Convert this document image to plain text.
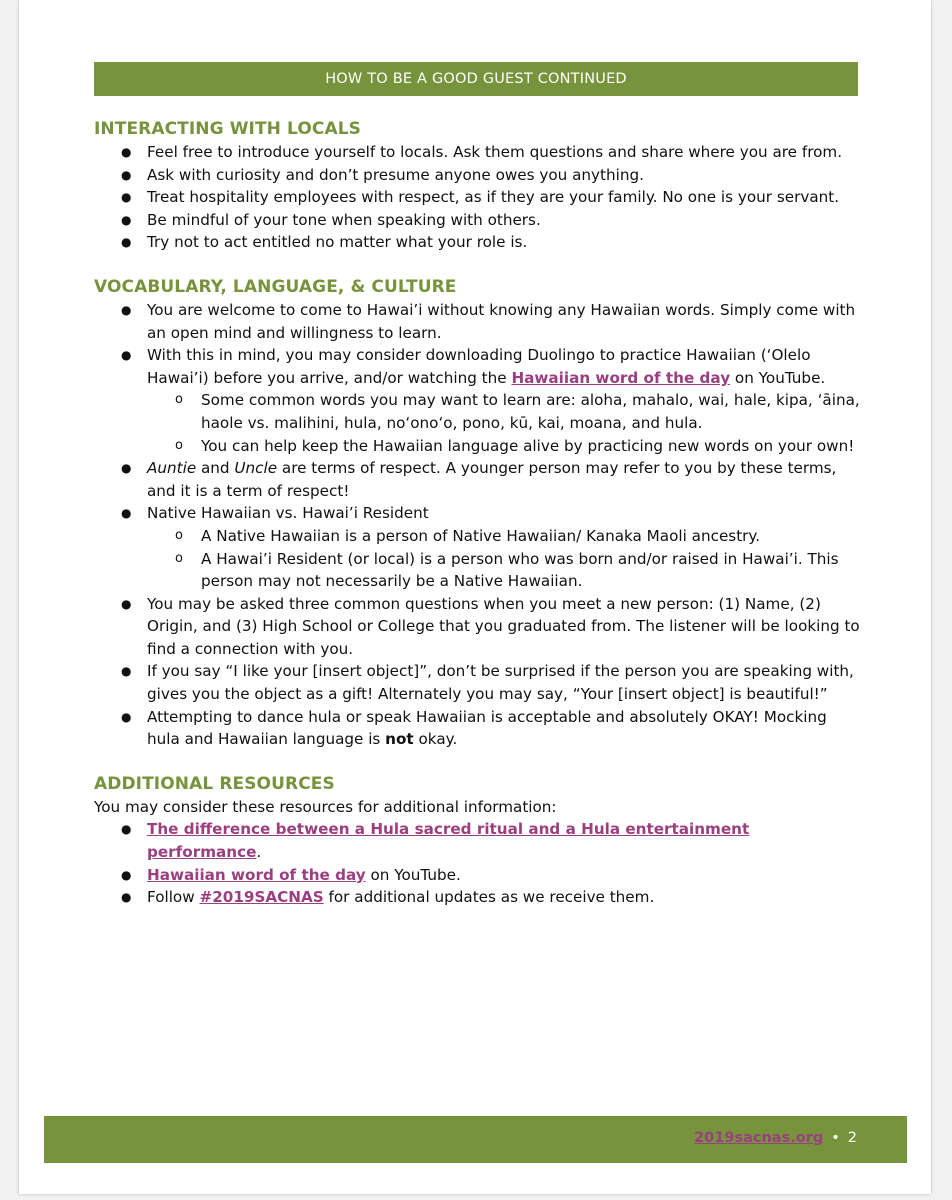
HOW TO BE A GOOD GUEST CONTINUED
INTERACTING WITH LOCALS
● Feel free to introduce yourself to locals. Ask them questions and share where you are from.
● Ask with curiosity and don’t presume anyone owes you anything.
● Treat hospitality employees with respect, as if they are your family. No one is your servant.
● Be mindful of your tone when speaking with others.
● Try not to act entitled no matter what your role is.
VOCABULARY, LANGUAGE, & CULTURE
● You are welcome to come to Hawai’i without knowing any Hawaiian words. Simply come with an open mind and willingness to learn.
● With this in mind, you may consider downloading Duolingo to practice Hawaiian (‘Olelo Hawai’i) before you arrive, and/or watching the Hawaiian word of the day on YouTube.
o Some common words you may want to learn are: aloha, mahalo, wai, hale, kipa, ‘āina, haole vs. malihini, hula, noʻonoʻo, pono, kū, kai, moana, and hula.
o You can help keep the Hawaiian language alive by practicing new words on your own!
● Auntie and Uncle are terms of respect. A younger person may refer to you by these terms, and it is a term of respect!
● Native Hawaiian vs. Hawai’i Resident
o A Native Hawaiian is a person of Native Hawaiian/ Kanaka Maoli ancestry.
o A Hawai’i Resident (or local) is a person who was born and/or raised in Hawai’i. This person may not necessarily be a Native Hawaiian.
● You may be asked three common questions when you meet a new person: (1) Name, (2) Origin, and (3) High School or College that you graduated from. The listener will be looking to find a connection with you.
● If you say “I like your [insert object]”, don’t be surprised if the person you are speaking with, gives you the object as a gift! Alternately you may say, “Your [insert object] is beautiful!”
● Attempting to dance hula or speak Hawaiian is acceptable and absolutely OKAY! Mocking hula and Hawaiian language is not okay.
ADDITIONAL RESOURCES
You may consider these resources for additional information:
● The difference between a Hula sacred ritual and a Hula entertainment performance.
● Hawaiian word of the day on YouTube.
● Follow #2019SACNAS for additional updates as we receive them.
2019sacnas.org • 2
